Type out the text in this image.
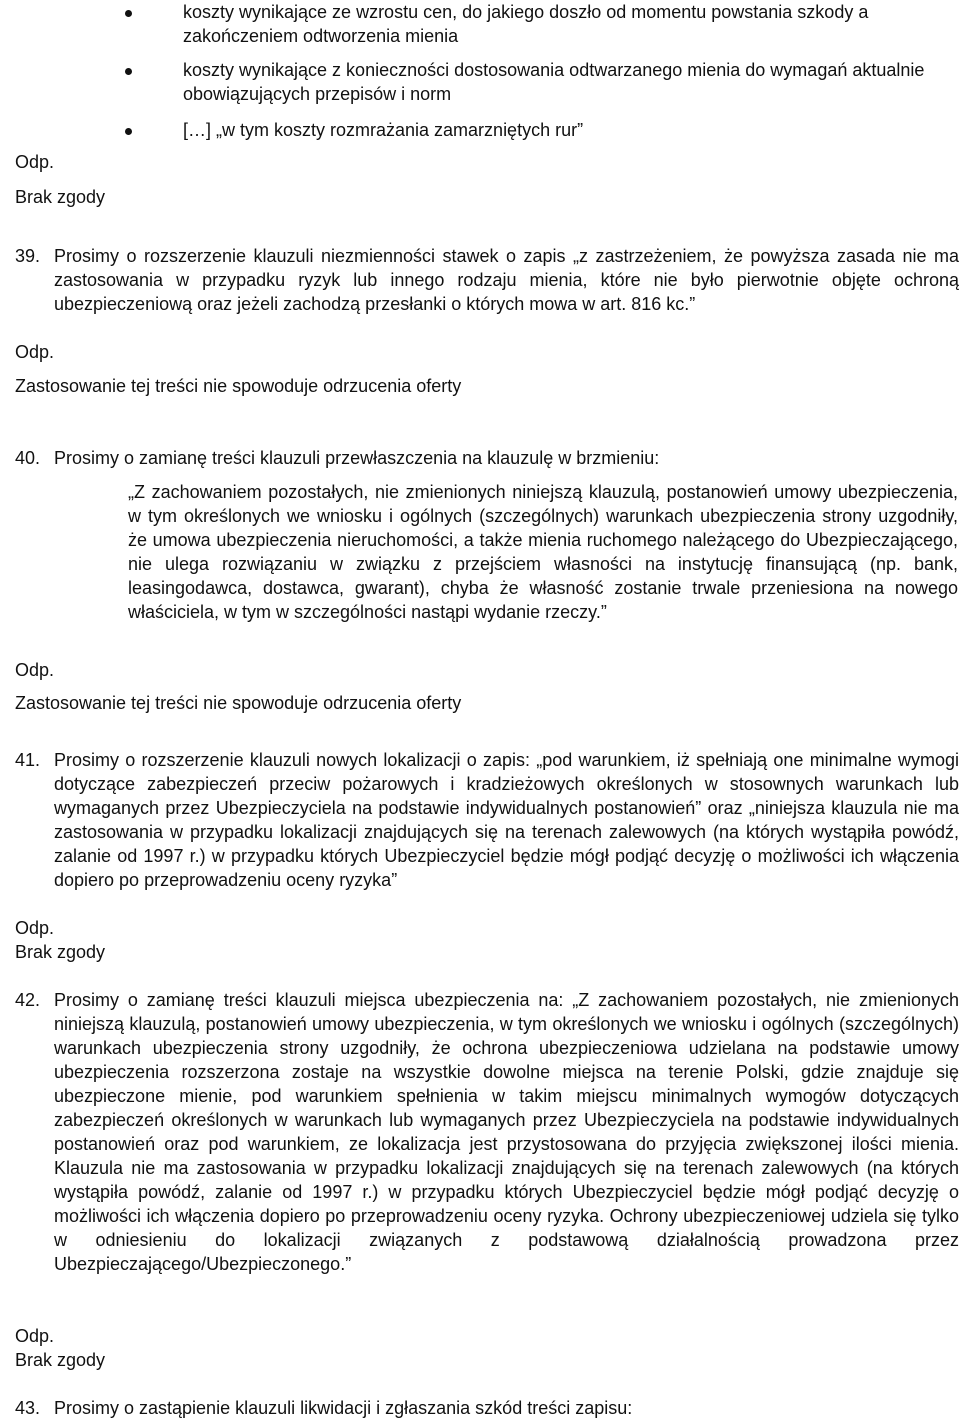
koszty wynikające ze wzrostu cen, do jakiego doszło od momentu powstania szkody a zakończeniem odtworzenia mienia
koszty wynikające z konieczności dostosowania odtwarzanego mienia do wymagań aktualnie obowiązujących przepisów i norm
[…] „w tym koszty rozmrażania zamarzniętych rur”
Odp.
Brak zgody
39. Prosimy o rozszerzenie klauzuli niezmienności stawek o zapis „z zastrzeżeniem, że powyższa zasada nie ma zastosowania w przypadku ryzyk lub innego rodzaju mienia, które nie było pierwotnie objęte ochroną ubezpieczeniową oraz jeżeli zachodzą przesłanki o których mowa w art. 816 kc.”
Odp.
Zastosowanie tej treści nie spowoduje odrzucenia oferty
40. Prosimy o zamianę treści klauzuli przewłaszczenia na klauzulę w brzmieniu:
„Z zachowaniem pozostałych, nie zmienionych niniejszą klauzulą, postanowień umowy ubezpieczenia, w tym określonych we wniosku i ogólnych (szczególnych) warunkach ubezpieczenia strony uzgodniły, że umowa ubezpieczenia nieruchomości, a także mienia ruchomego należącego do Ubezpieczającego, nie ulega rozwiązaniu w związku z przejściem własności na instytucję finansującą (np. bank, leasingodawca, dostawca, gwarant), chyba że własność zostanie trwale przeniesiona na nowego właściciela, w tym w szczególności nastąpi wydanie rzeczy.”
Odp.
Zastosowanie tej treści nie spowoduje odrzucenia oferty
41. Prosimy o rozszerzenie klauzuli nowych lokalizacji o zapis: „pod warunkiem, iż spełniają one minimalne wymogi dotyczące zabezpieczeń przeciw pożarowych i kradzieżowych określonych w stosownych warunkach lub wymaganych przez Ubezpieczyciela na podstawie indywidualnych postanowień” oraz „niniejsza klauzula nie ma zastosowania w przypadku lokalizacji znajdujących się na terenach zalewowych (na których wystąpiła powódź, zalanie od 1997 r.) w przypadku których Ubezpieczyciel będzie mógł podjąć decyzję o możliwości ich włączenia dopiero po przeprowadzeniu oceny ryzyka”
Odp.
Brak zgody
42. Prosimy o zamianę treści klauzuli miejsca ubezpieczenia na: „Z zachowaniem pozostałych, nie zmienionych niniejszą klauzulą, postanowień umowy ubezpieczenia, w tym określonych we wniosku i ogólnych (szczególnych) warunkach ubezpieczenia strony uzgodniły, że ochrona ubezpieczeniowa udzielana na podstawie umowy ubezpieczenia rozszerzona zostaje na wszystkie dowolne miejsca na terenie Polski, gdzie znajduje się ubezpieczone mienie, pod warunkiem spełnienia w takim miejscu minimalnych wymogów dotyczących zabezpieczeń określonych w warunkach lub wymaganych przez Ubezpieczyciela na podstawie indywidualnych postanowień oraz pod warunkiem, ze lokalizacja jest przystosowana do przyjęcia zwiększonej ilości mienia. Klauzula nie ma zastosowania w przypadku lokalizacji znajdujących się na terenach zalewowych (na których wystąpiła powódź, zalanie od 1997 r.) w przypadku których Ubezpieczyciel będzie mógł podjąć decyzję o możliwości ich włączenia dopiero po przeprowadzeniu oceny ryzyka. Ochrony ubezpieczeniowej udziela się tylko w odniesieniu do lokalizacji związanych z podstawową działalnością prowadzona przez Ubezpieczającego/Ubezpieczonego.”
Odp.
Brak zgody
43. Prosimy o zastąpienie klauzuli likwidacji i zgłaszania szkód treści zapisu:
